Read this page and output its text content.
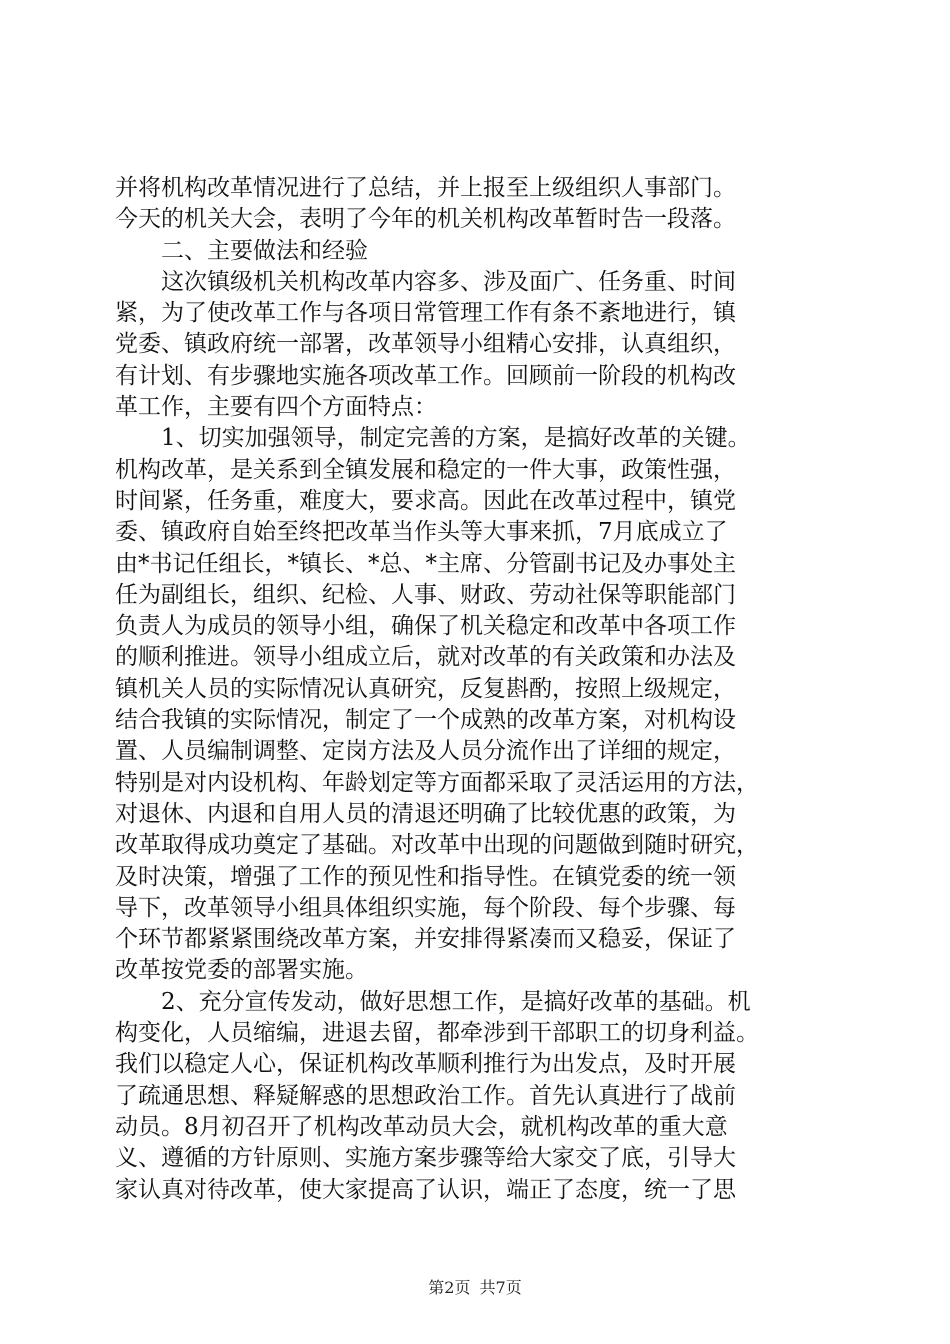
并将机构改革情况进行了总结，并上报至上级组织人事部门。
今天的机关大会，表明了今年的机关机构改革暂时告一段落。
　　二、主要做法和经验
　　这次镇级机关机构改革内容多、涉及面广、任务重、时间
紧，为了使改革工作与各项日常管理工作有条不紊地进行，镇
党委、镇政府统一部署，改革领导小组精心安排，认真组织，
有计划、有步骤地实施各项改革工作。回顾前一阶段的机构改
革工作，主要有四个方面特点：
　　1、切实加强领导，制定完善的方案，是搞好改革的关键。
机构改革，是关系到全镇发展和稳定的一件大事，政策性强，
时间紧，任务重，难度大，要求高。因此在改革过程中，镇党
委、镇政府自始至终把改革当作头等大事来抓，7月底成立了
由*书记任组长，*镇长、*总、*主席、分管副书记及办事处主
任为副组长，组织、纪检、人事、财政、劳动社保等职能部门
负责人为成员的领导小组，确保了机关稳定和改革中各项工作
的顺利推进。领导小组成立后，就对改革的有关政策和办法及
镇机关人员的实际情况认真研究，反复斟酌，按照上级规定，
结合我镇的实际情况，制定了一个成熟的改革方案，对机构设
置、人员编制调整、定岗方法及人员分流作出了详细的规定，
特别是对内设机构、年龄划定等方面都采取了灵活运用的方法，
对退休、内退和自用人员的清退还明确了比较优惠的政策，为
改革取得成功奠定了基础。对改革中出现的问题做到随时研究，
及时决策，增强了工作的预见性和指导性。在镇党委的统一领
导下，改革领导小组具体组织实施，每个阶段、每个步骤、每
个环节都紧紧围绕改革方案，并安排得紧凑而又稳妥，保证了
改革按党委的部署实施。
　　2、充分宣传发动，做好思想工作，是搞好改革的基础。机
构变化，人员缩编，进退去留，都牵涉到干部职工的切身利益。
我们以稳定人心，保证机构改革顺利推行为出发点，及时开展
了疏通思想、释疑解惑的思想政治工作。首先认真进行了战前
动员。8月初召开了机构改革动员大会，就机构改革的重大意
义、遵循的方针原则、实施方案步骤等给大家交了底，引导大
家认真对待改革，使大家提高了认识，端正了态度，统一了思
第2页 共7页
